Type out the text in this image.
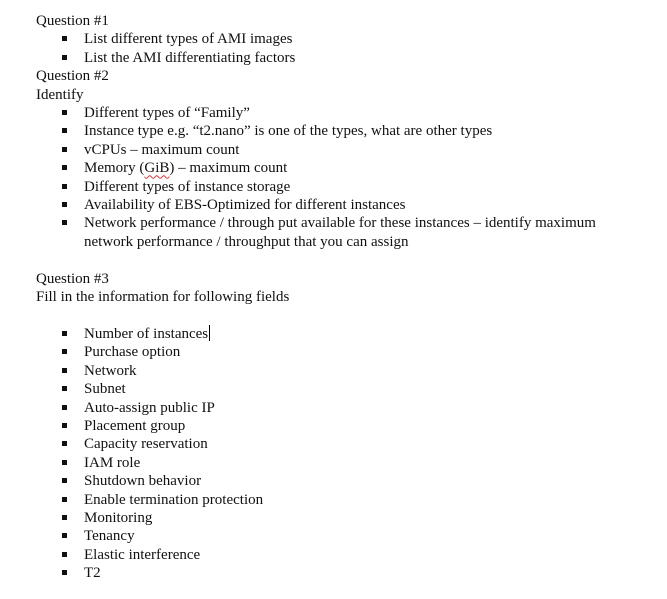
Question #1
List different types of AMI images
List the AMI differentiating factors
Question #2
Identify
Different types of “Family”
Instance type e.g. “t2.nano” is one of the types, what are other types
vCPUs – maximum count
Memory (GiB) – maximum count
Different types of instance storage
Availability of EBS-Optimized for different instances
Network performance / through put available for these instances – identify maximum network performance / throughput that you can assign
Question #3
Fill in the information for following fields
Number of instances
Purchase option
Network
Subnet
Auto-assign public IP
Placement group
Capacity reservation
IAM role
Shutdown behavior
Enable termination protection
Monitoring
Tenancy
Elastic interference
T2
